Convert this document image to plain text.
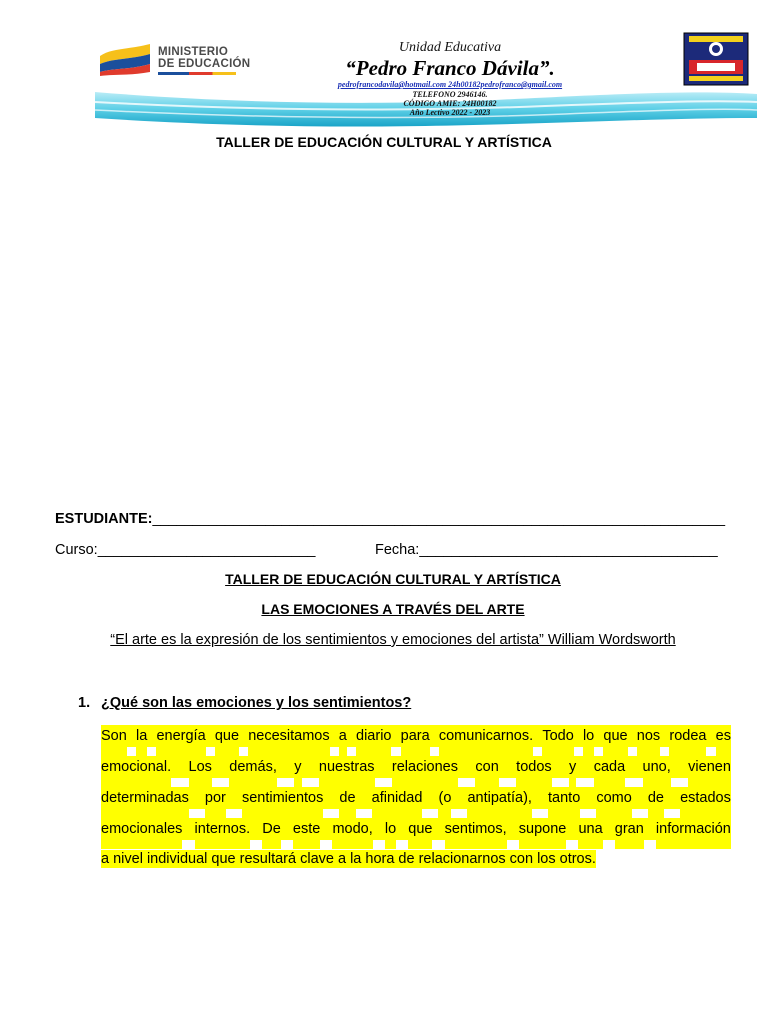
MINISTERIO
DE EDUCACIÓN
Unidad Educativa
“Pedro Franco Dávila”.
pedrofrancodavila@hotmail.com 24h00182pedrofranco@gmail.com
TELEFONO 2946146.
CÓDIGO AMIE: 24H00182
Año Lectivo 2022 - 2023
TALLER DE EDUCACIÓN CULTURAL Y ARTÍSTICA
ESTUDIANTE:_______________________________________________________________________
Curso:___________________________	Fecha:_____________________________________
TALLER DE EDUCACIÓN CULTURAL Y ARTÍSTICA
LAS EMOCIONES A TRAVÉS DEL ARTE
“El arte es la expresión de los sentimientos y emociones del artista” William Wordsworth
1. ¿Qué son las emociones y los sentimientos?
Son la energía que necesitamos a diario para comunicarnos. Todo lo que nos rodea es
emocional. Los demás, y nuestras relaciones con todos y cada uno, vienen
determinadas por sentimientos de afinidad (o antipatía), tanto como de estados
emocionales internos. De este modo, lo que sentimos, supone una gran información
a nivel individual que resultará clave a la hora de relacionarnos con los otros.
